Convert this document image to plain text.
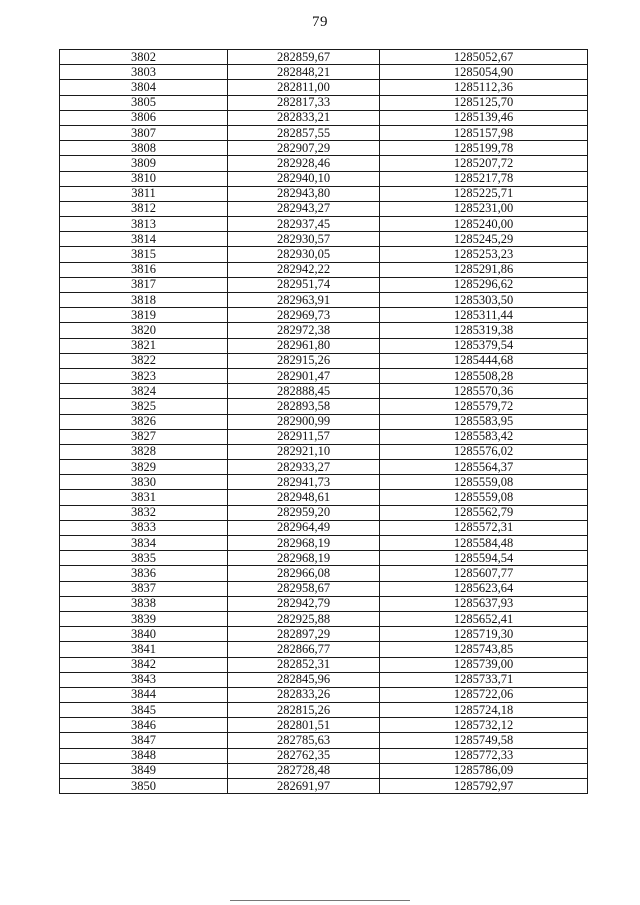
79
3802	282859,67	1285052,67
3803	282848,21	1285054,90
3804	282811,00	1285112,36
3805	282817,33	1285125,70
3806	282833,21	1285139,46
3807	282857,55	1285157,98
3808	282907,29	1285199,78
3809	282928,46	1285207,72
3810	282940,10	1285217,78
3811	282943,80	1285225,71
3812	282943,27	1285231,00
3813	282937,45	1285240,00
3814	282930,57	1285245,29
3815	282930,05	1285253,23
3816	282942,22	1285291,86
3817	282951,74	1285296,62
3818	282963,91	1285303,50
3819	282969,73	1285311,44
3820	282972,38	1285319,38
3821	282961,80	1285379,54
3822	282915,26	1285444,68
3823	282901,47	1285508,28
3824	282888,45	1285570,36
3825	282893,58	1285579,72
3826	282900,99	1285583,95
3827	282911,57	1285583,42
3828	282921,10	1285576,02
3829	282933,27	1285564,37
3830	282941,73	1285559,08
3831	282948,61	1285559,08
3832	282959,20	1285562,79
3833	282964,49	1285572,31
3834	282968,19	1285584,48
3835	282968,19	1285594,54
3836	282966,08	1285607,77
3837	282958,67	1285623,64
3838	282942,79	1285637,93
3839	282925,88	1285652,41
3840	282897,29	1285719,30
3841	282866,77	1285743,85
3842	282852,31	1285739,00
3843	282845,96	1285733,71
3844	282833,26	1285722,06
3845	282815,26	1285724,18
3846	282801,51	1285732,12
3847	282785,63	1285749,58
3848	282762,35	1285772,33
3849	282728,48	1285786,09
3850	282691,97	1285792,97
